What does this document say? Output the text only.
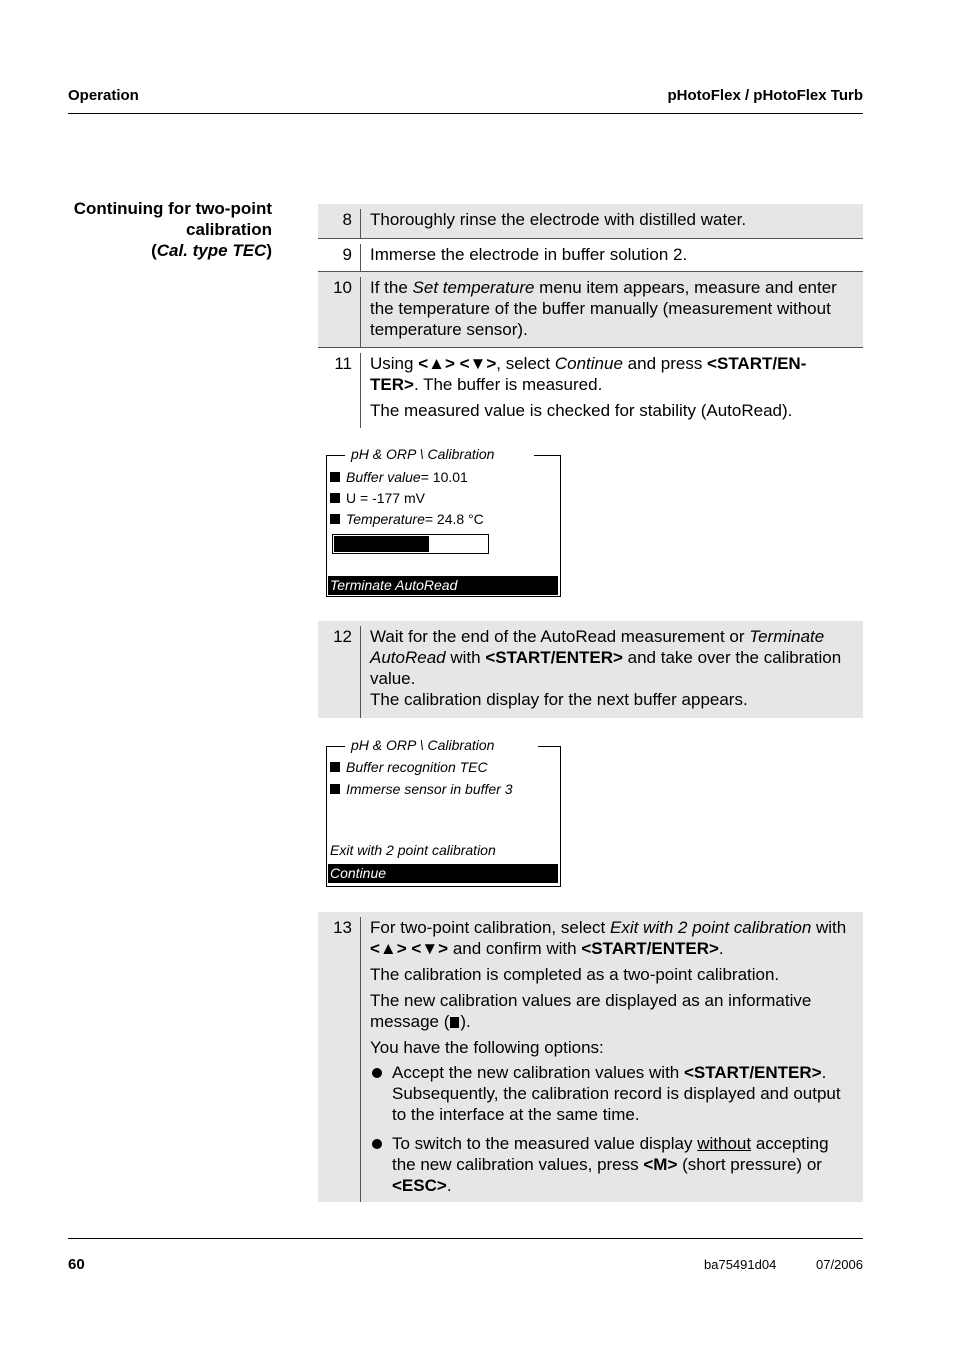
Operation	pHotoFlex / pHotoFlex Turb
Continuing for two-point
calibration
(Cal. type TEC)
8	Thoroughly rinse the electrode with distilled water.
9	Immerse the electrode in buffer solution 2.
10	If the Set temperature menu item appears, measure and enter the temperature of the buffer manually (measurement without temperature sensor).
11	Using <▲> <▼>, select Continue and press <START/EN-TER>. The buffer is measured.
The measured value is checked for stability (AutoRead).
pH & ORP \ Calibration
Buffer value = 10.01
U = -177 mV
Temperature = 24.8 °C
Terminate AutoRead
12	Wait for the end of the AutoRead measurement or Terminate AutoRead with <START/ENTER> and take over the calibration value.
The calibration display for the next buffer appears.
pH & ORP \ Calibration
Buffer recognition TEC
Immerse sensor in buffer 3
Exit with 2 point calibration
Continue
13	For two-point calibration, select Exit with 2 point calibration with <▲> <▼> and confirm with <START/ENTER>.
The calibration is completed as a two-point calibration.
The new calibration values are displayed as an informative message ( ).
You have the following options:
Accept the new calibration values with <START/ENTER>. Subsequently, the calibration record is displayed and output to the interface at the same time.
To switch to the measured value display without accepting the new calibration values, press <M> (short pressure) or <ESC>.
60	ba75491d04	07/2006
